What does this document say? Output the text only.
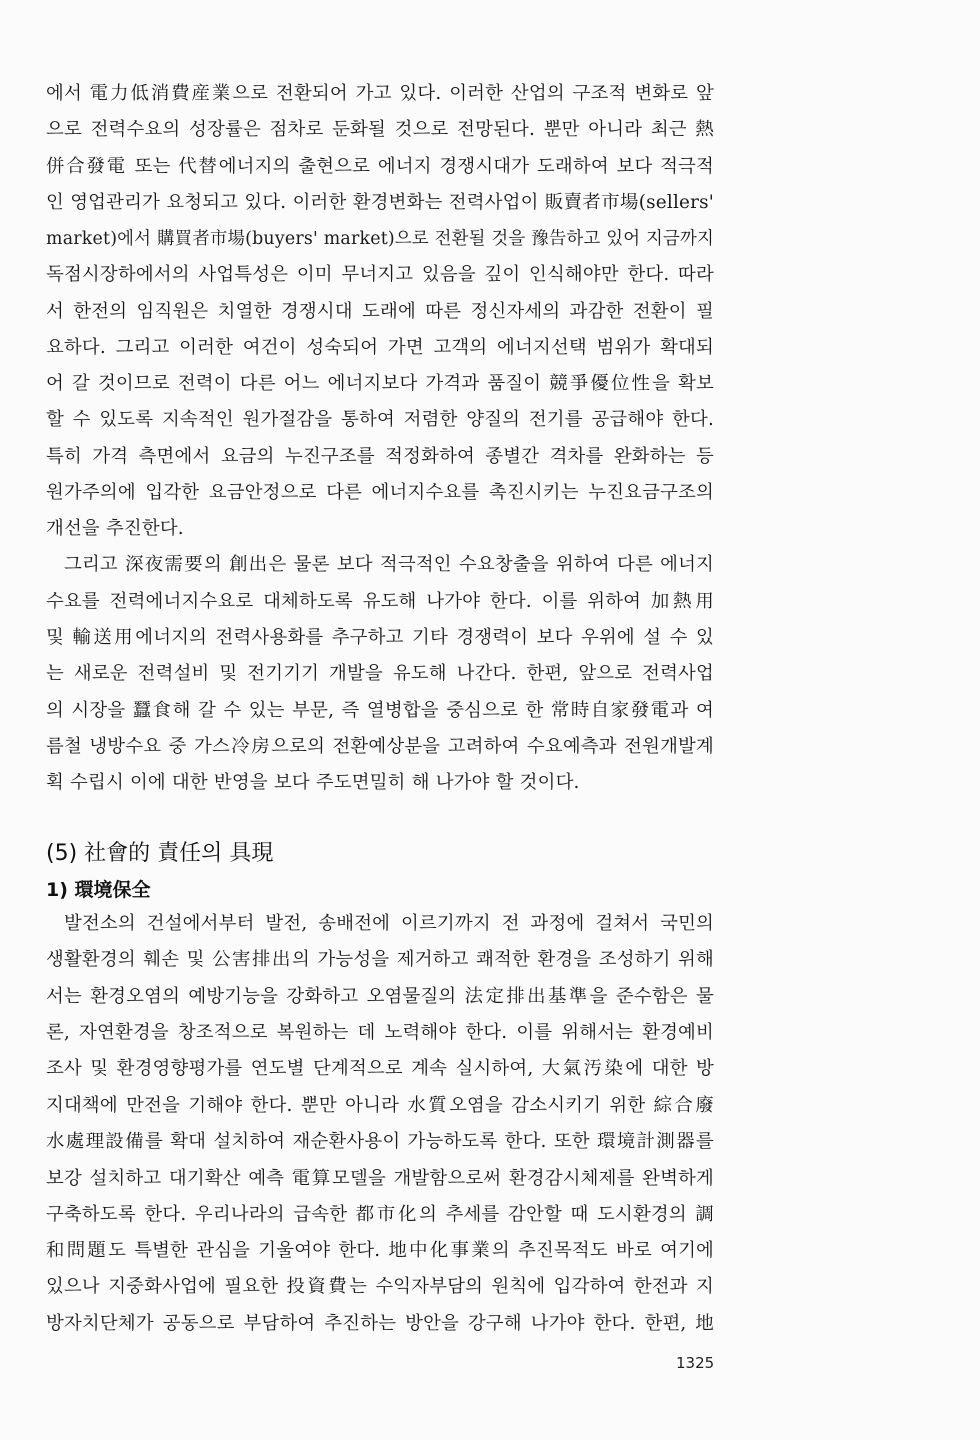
에서 電力低消費産業으로 전환되어 가고 있다. 이러한 산업의 구조적 변화로 앞
으로 전력수요의 성장률은 점차로 둔화될 것으로 전망된다. 뿐만 아니라 최근 熱
併合發電 또는 代替에너지의 출현으로 에너지 경쟁시대가 도래하여 보다 적극적
인 영업관리가 요청되고 있다. 이러한 환경변화는 전력사업이 販賣者市場(sellers'
market)에서 購買者市場(buyers' market)으로 전환될 것을 豫告하고 있어 지금까지
독점시장하에서의 사업특성은 이미 무너지고 있음을 깊이 인식해야만 한다. 따라
서 한전의 임직원은 치열한 경쟁시대 도래에 따른 정신자세의 과감한 전환이 필
요하다. 그리고 이러한 여건이 성숙되어 가면 고객의 에너지선택 범위가 확대되
어 갈 것이므로 전력이 다른 어느 에너지보다 가격과 품질이 競爭優位性을 확보
할 수 있도록 지속적인 원가절감을 통하여 저렴한 양질의 전기를 공급해야 한다.
특히 가격 측면에서 요금의 누진구조를 적정화하여 종별간 격차를 완화하는 등
원가주의에 입각한 요금안정으로 다른 에너지수요를 촉진시키는 누진요금구조의
개선을 추진한다.
그리고 深夜需要의 創出은 물론 보다 적극적인 수요창출을 위하여 다른 에너지
수요를 전력에너지수요로 대체하도록 유도해 나가야 한다. 이를 위하여 加熱用
및 輸送用에너지의 전력사용화를 추구하고 기타 경쟁력이 보다 우위에 설 수 있
는 새로운 전력설비 및 전기기기 개발을 유도해 나간다. 한편, 앞으로 전력사업
의 시장을 蠶食해 갈 수 있는 부문, 즉 열병합을 중심으로 한 常時自家發電과 여
름철 냉방수요 중 가스冷房으로의 전환예상분을 고려하여 수요예측과 전원개발계
획 수립시 이에 대한 반영을 보다 주도면밀히 해 나가야 할 것이다.
(5) 社會的 責任의 具現
1) 環境保全
발전소의 건설에서부터 발전, 송배전에 이르기까지 전 과정에 걸쳐서 국민의
생활환경의 훼손 및 公害排出의 가능성을 제거하고 쾌적한 환경을 조성하기 위해
서는 환경오염의 예방기능을 강화하고 오염물질의 法定排出基準을 준수함은 물
론, 자연환경을 창조적으로 복원하는 데 노력해야 한다. 이를 위해서는 환경예비
조사 및 환경영향평가를 연도별 단계적으로 계속 실시하여, 大氣汚染에 대한 방
지대책에 만전을 기해야 한다. 뿐만 아니라 水質오염을 감소시키기 위한 綜合廢
水處理設備를 확대 설치하여 재순환사용이 가능하도록 한다. 또한 環境計測器를
보강 설치하고 대기확산 예측 電算모델을 개발함으로써 환경감시체제를 완벽하게
구축하도록 한다. 우리나라의 급속한 都市化의 추세를 감안할 때 도시환경의 調
和問題도 특별한 관심을 기울여야 한다. 地中化事業의 추진목적도 바로 여기에
있으나 지중화사업에 필요한 投資費는 수익자부담의 원칙에 입각하여 한전과 지
방자치단체가 공동으로 부담하여 추진하는 방안을 강구해 나가야 한다. 한편, 地
1325
